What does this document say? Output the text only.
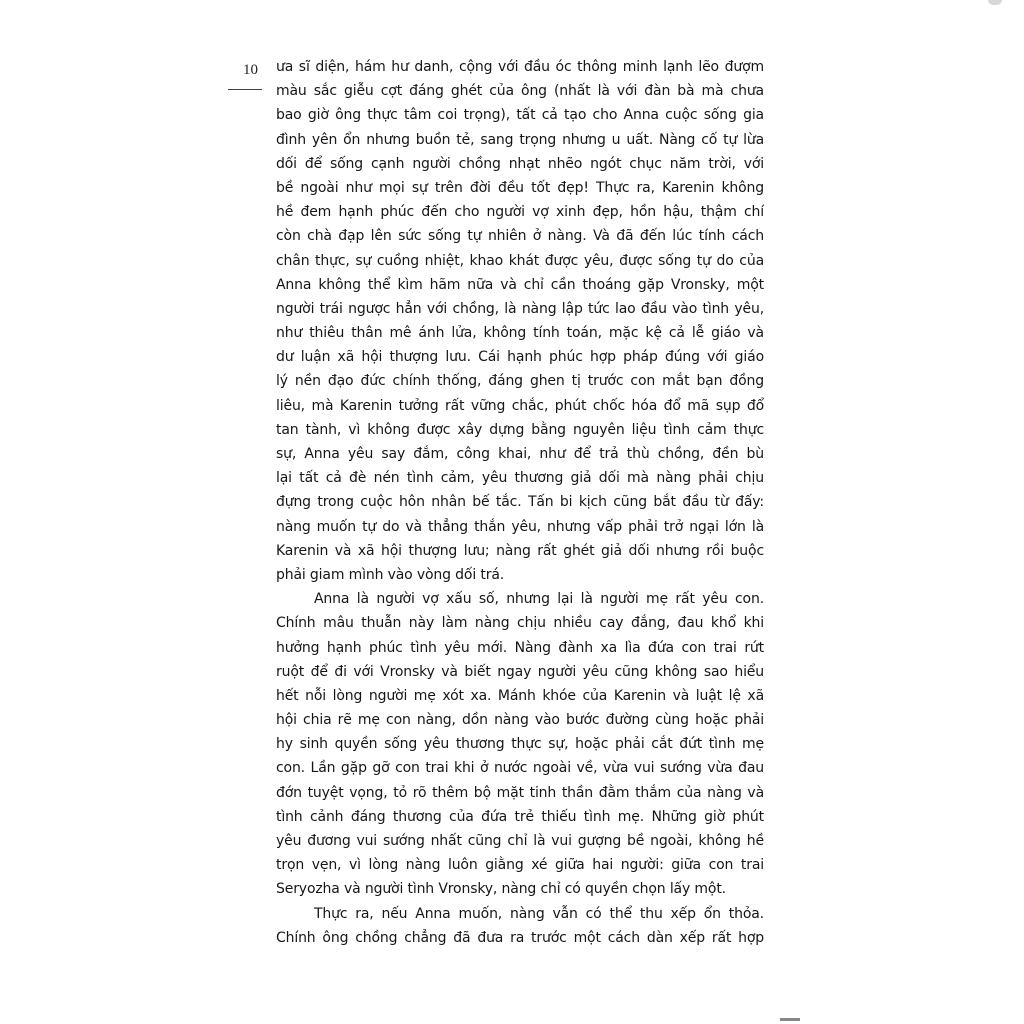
10 ưa sĩ diện, hám hư danh, cộng với đầu óc thông minh lạnh lẽo đượm
màu sắc giễu cợt đáng ghét của ông (nhất là với đàn bà mà chưa
bao giờ ông thực tâm coi trọng), tất cả tạo cho Anna cuộc sống gia
đình yên ổn nhưng buồn tẻ, sang trọng nhưng u uất. Nàng cố tự lừa
dối để sống cạnh người chồng nhạt nhẽo ngót chục năm trời, với
bề ngoài như mọi sự trên đời đều tốt đẹp! Thực ra, Karenin không
hề đem hạnh phúc đến cho người vợ xinh đẹp, hồn hậu, thậm chí
còn chà đạp lên sức sống tự nhiên ở nàng. Và đã đến lúc tính cách
chân thực, sự cuồng nhiệt, khao khát được yêu, được sống tự do của
Anna không thể kìm hãm nữa và chỉ cần thoáng gặp Vronsky, một
người trái ngược hẳn với chồng, là nàng lập tức lao đầu vào tình yêu,
như thiêu thân mê ánh lửa, không tính toán, mặc kệ cả lễ giáo và
dư luận xã hội thượng lưu. Cái hạnh phúc hợp pháp đúng với giáo
lý nền đạo đức chính thống, đáng ghen tị trước con mắt bạn đồng
liêu, mà Karenin tưởng rất vững chắc, phút chốc hóa đổ mã sụp đổ
tan tành, vì không được xây dựng bằng nguyên liệu tình cảm thực
sự, Anna yêu say đắm, công khai, như để trả thù chồng, đền bù
lại tất cả đè nén tình cảm, yêu thương giả dối mà nàng phải chịu
đựng trong cuộc hôn nhân bế tắc. Tấn bi kịch cũng bắt đầu từ đấy:
nàng muốn tự do và thẳng thắn yêu, nhưng vấp phải trở ngại lớn là
Karenin và xã hội thượng lưu; nàng rất ghét giả dối nhưng rồi buộc
phải giam mình vào vòng dối trá.
Anna là người vợ xấu số, nhưng lại là người mẹ rất yêu con.
Chính mâu thuẫn này làm nàng chịu nhiều cay đắng, đau khổ khi
hưởng hạnh phúc tình yêu mới. Nàng đành xa lìa đứa con trai rứt
ruột để đi với Vronsky và biết ngay người yêu cũng không sao hiểu
hết nỗi lòng người mẹ xót xa. Mánh khóe của Karenin và luật lệ xã
hội chia rẽ mẹ con nàng, dồn nàng vào bước đường cùng hoặc phải
hy sinh quyền sống yêu thương thực sự, hoặc phải cắt đứt tình mẹ
con. Lần gặp gỡ con trai khi ở nước ngoài về, vừa vui sướng vừa đau
đớn tuyệt vọng, tỏ rõ thêm bộ mặt tinh thần đằm thắm của nàng và
tình cảnh đáng thương của đứa trẻ thiếu tình mẹ. Những giờ phút
yêu đương vui sướng nhất cũng chỉ là vui gượng bề ngoài, không hề
trọn vẹn, vì lòng nàng luôn giằng xé giữa hai người: giữa con trai
Seryozha và người tình Vronsky, nàng chỉ có quyền chọn lấy một.
Thực ra, nếu Anna muốn, nàng vẫn có thể thu xếp ổn thỏa.
Chính ông chồng chẳng đã đưa ra trước một cách dàn xếp rất hợp
